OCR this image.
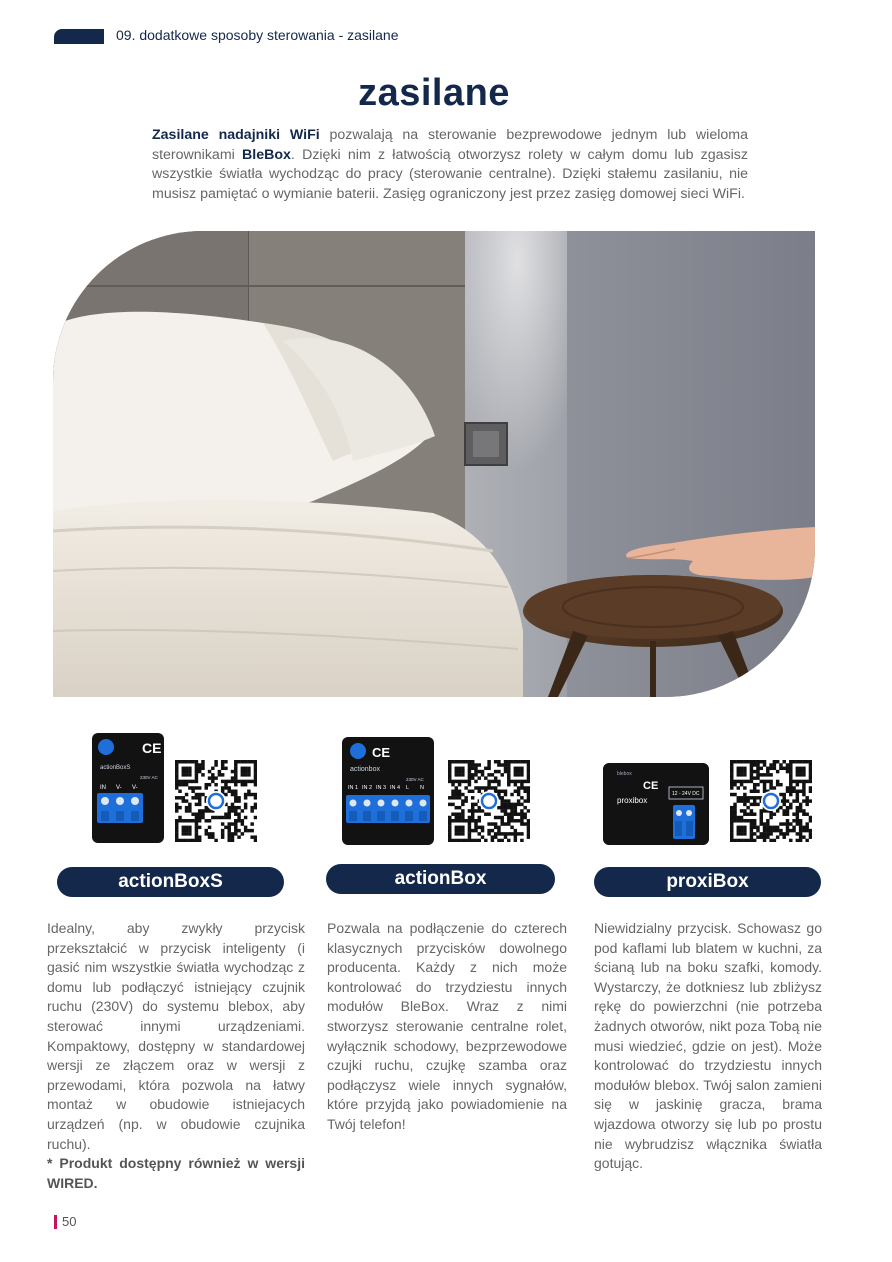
09. dodatkowe sposoby sterowania - zasilane
zasilane
Zasilane nadajniki WiFi pozwalają na sterowanie bezprewodowe jednym lub wieloma sterownikami BleBox. Dzięki nim z łatwością otworzysz rolety w całym domu lub zgasisz wszystkie światła wychodząc do pracy (sterowanie centralne). Dzięki stałemu zasilaniu, nie musisz pamiętać o wymianie baterii. Zasięg ograniczony jest przez zasięg domowej sieci WiFi.
CE
actionBoxS
230V AC
IN V- V-
CE
actionbox
230V AC
IN 1 IN 2 IN 3 IN 4 L N
blebox
CE
proxibox
12 - 24V DC
actionBoxS	actionBox	proxiBox
Idealny, aby zwykły przycisk przekształcić w przycisk inteligenty (i gasić nim wszystkie światła wychodząc z domu lub podłączyć istniejący czujnik ruchu (230V) do systemu blebox, aby sterować innymi urządzeniami. Kompaktowy, dostępny w standardowej wersji ze złączem oraz w wersji z przewodami, która pozwola na łatwy montaż w obudowie istniejacych urządzeń (np. w obudowie czujnika ruchu).
* Produkt dostępny również w wersji WIRED.
Pozwala na podłączenie do czterech klasycznych przycisków dowolnego producenta. Każdy z nich może kontrolować do trzydziestu innych modułów BleBox. Wraz z nimi stworzysz sterowanie centralne rolet, wyłącznik schodowy, bezprzewodowe czujki ruchu, czujkę szamba oraz podłączysz wiele innych sygnałów, które przyjdą jako powiadomienie na Twój telefon!
Niewidzialny przycisk. Schowasz go pod kaflami lub blatem w kuchni, za ścianą lub na boku szafki, komody. Wystarczy, że dotkniesz lub zbliżysz rękę do powierzchni (nie potrzeba żadnych otworów, nikt poza Tobą nie musi wiedzieć, gdzie on jest). Może kontrolować do trzydziestu innych modułów blebox. Twój salon zamieni się w jaskinię gracza, brama wjazdowa otworzy się lub po prostu nie wybrudzisz włącznika światła gotując.
50
